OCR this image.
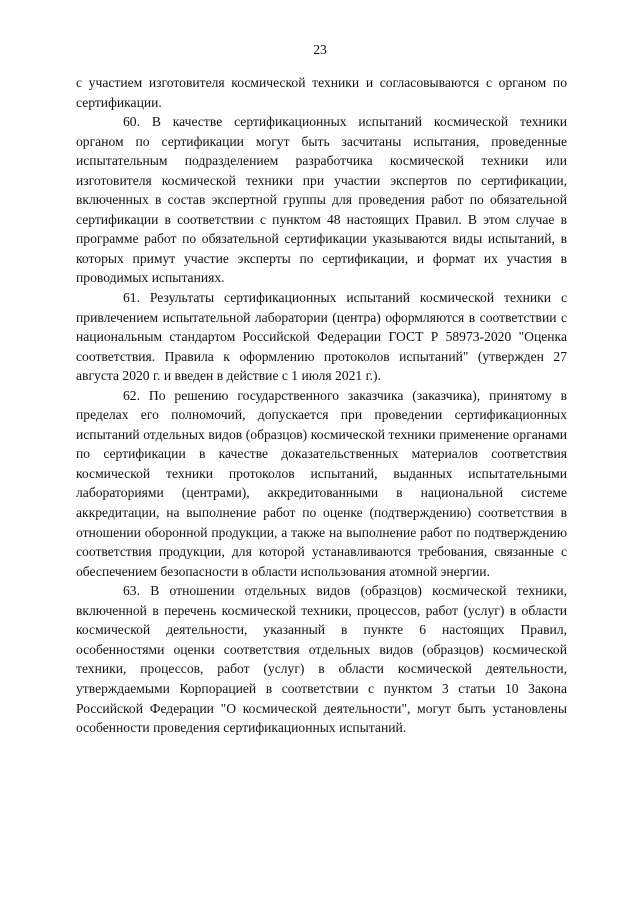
23

с участием изготовителя космической техники и согласовываются с органом по сертификации.

60. В качестве сертификационных испытаний космической техники органом по сертификации могут быть засчитаны испытания, проведенные испытательным подразделением разработчика космической техники или изготовителя космической техники при участии экспертов по сертификации, включенных в состав экспертной группы для проведения работ по обязательной сертификации в соответствии с пунктом 48 настоящих Правил. В этом случае в программе работ по обязательной сертификации указываются виды испытаний, в которых примут участие эксперты по сертификации, и формат их участия в проводимых испытаниях.

61. Результаты сертификационных испытаний космической техники с привлечением испытательной лаборатории (центра) оформляются в соответствии с национальным стандартом Российской Федерации ГОСТ Р 58973-2020 "Оценка соответствия. Правила к оформлению протоколов испытаний" (утвержден 27 августа 2020 г. и введен в действие с 1 июля 2021 г.).

62. По решению государственного заказчика (заказчика), принятому в пределах его полномочий, допускается при проведении сертификационных испытаний отдельных видов (образцов) космической техники применение органами по сертификации в качестве доказательственных материалов соответствия космической техники протоколов испытаний, выданных испытательными лабораториями (центрами), аккредитованными в национальной системе аккредитации, на выполнение работ по оценке (подтверждению) соответствия в отношении оборонной продукции, а также на выполнение работ по подтверждению соответствия продукции, для которой устанавливаются требования, связанные с обеспечением безопасности в области использования атомной энергии.

63. В отношении отдельных видов (образцов) космической техники, включенной в перечень космической техники, процессов, работ (услуг) в области космической деятельности, указанный в пункте 6 настоящих Правил, особенностями оценки соответствия отдельных видов (образцов) космической техники, процессов, работ (услуг) в области космической деятельности, утверждаемыми Корпорацией в соответствии с пунктом 3 статьи 10 Закона Российской Федерации "О космической деятельности", могут быть установлены особенности проведения сертификационных испытаний.
